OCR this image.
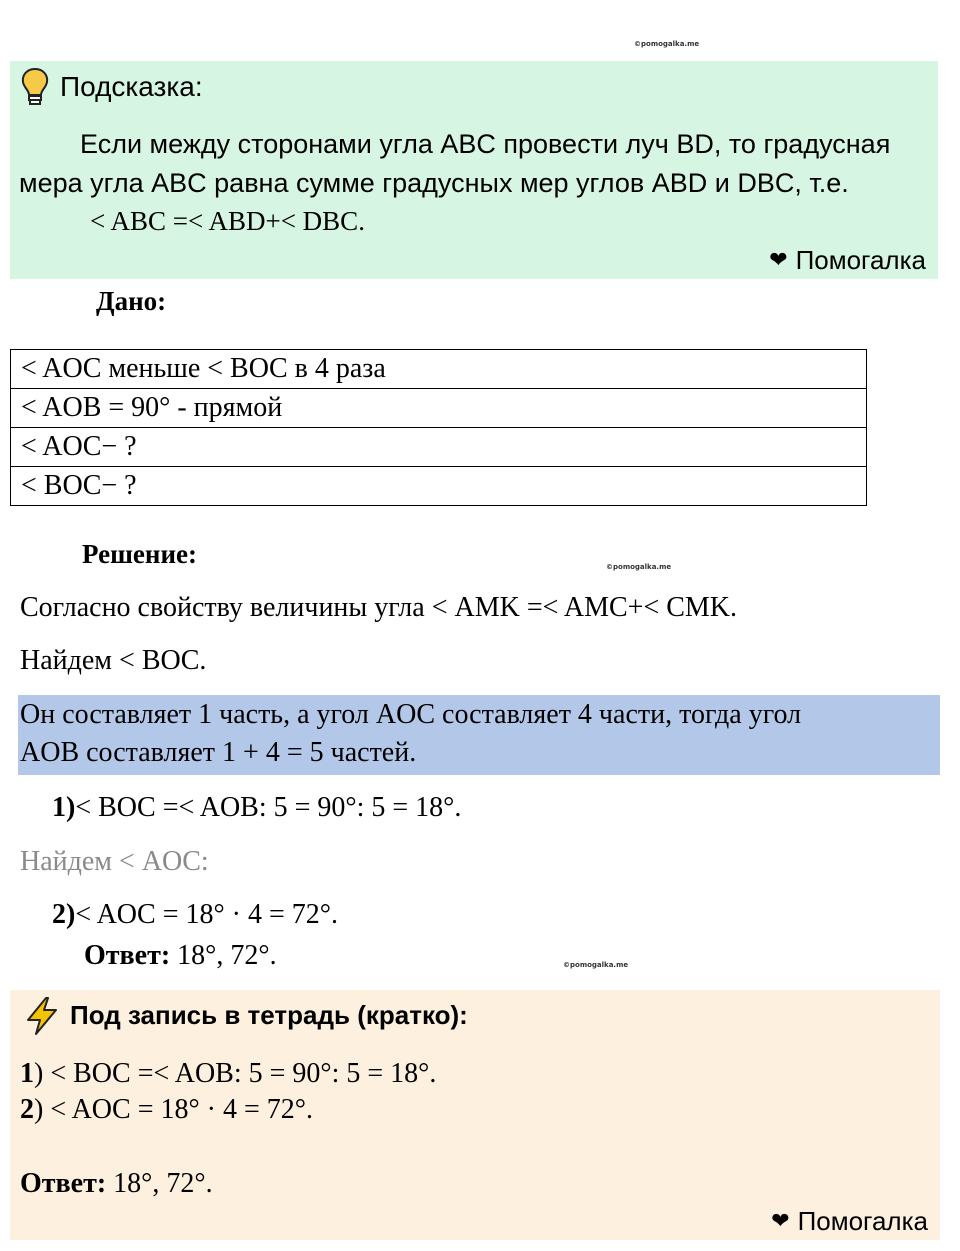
©pomogalka.me
Подсказка:
Если между сторонами угла ABC провести луч BD, то градусная
мера угла ABC равна сумме градусных мер углов ABD и DBC, т.е.
< ABC =< ABD+< DBC.
❤ Помогалка
Дано:
< AOC меньше < BOC в 4 раза
< AOB = 90° - прямой
< AOC− ?
< BOC− ?
Решение:	©pomogalka.me
Согласно свойству величины угла < AMK =< AMC+< CMK.
Найдем < BOC.
Он составляет 1 часть, а угол AOC составляет 4 части, тогда угол
AOB составляет 1 + 4 = 5 частей.
1)< BOC =< AOB: 5 = 90°: 5 = 18°.
Найдем < AOC:
2)< AOC = 18° · 4 = 72°.
Ответ: 18°, 72°.	©pomogalka.me
Под запись в тетрадь (кратко):
1) < BOC =< AOB: 5 = 90°: 5 = 18°.
2) < AOC = 18° · 4 = 72°.
Ответ: 18°, 72°.
❤ Помогалка
